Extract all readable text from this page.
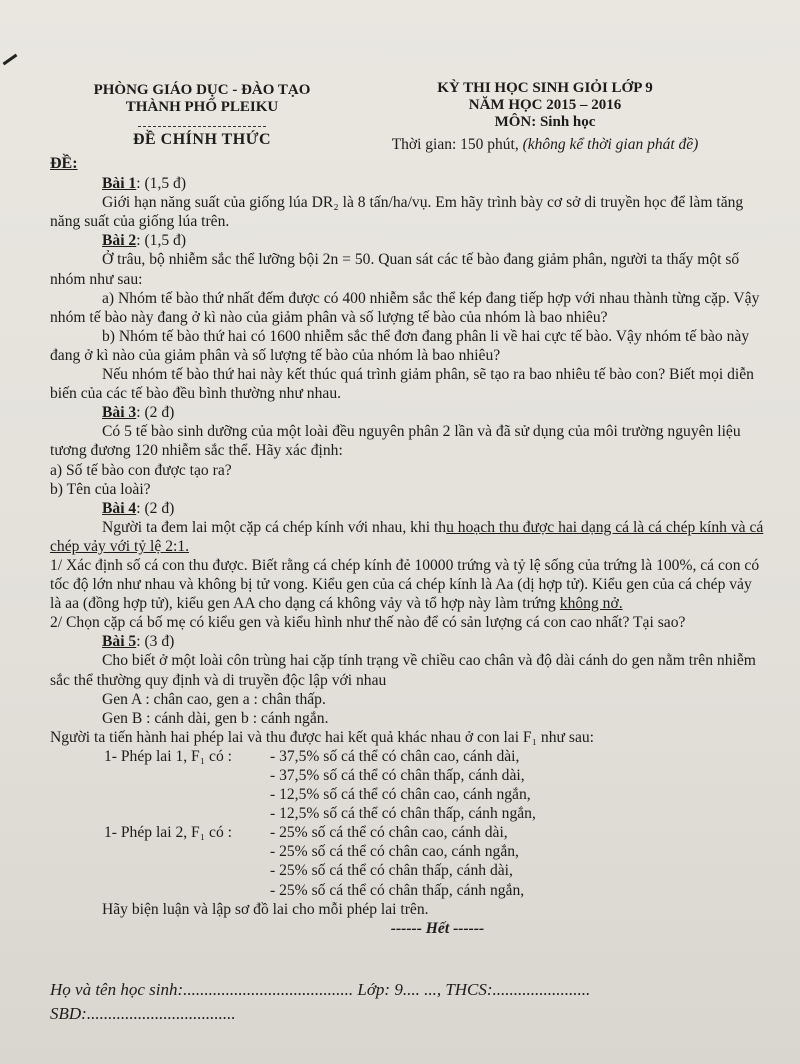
PHÒNG GIÁO DỤC - ĐÀO TẠO
THÀNH PHỐ PLEIKU
ĐỀ CHÍNH THỨC
KỲ THI HỌC SINH GIỎI LỚP 9
NĂM HỌC 2015 – 2016
MÔN: Sinh học
Thời gian: 150 phút, (không kể thời gian phát đề)

ĐỀ:

Bài 1: (1,5 đ)

Giới hạn năng suất của giống lúa DR₂ là 8 tấn/ha/vụ. Em hãy trình bày cơ sở di truyền học để làm tăng năng suất của giống lúa trên.

Bài 2: (1,5 đ)

Ở trâu, bộ nhiễm sắc thể lưỡng bội 2n = 50. Quan sát các tế bào đang giảm phân, người ta thấy một số nhóm như sau:

a) Nhóm tế bào thứ nhất đếm được có 400 nhiễm sắc thể kép đang tiếp hợp với nhau thành từng cặp. Vậy nhóm tế bào này đang ở kì nào của giảm phân và số lượng tế bào của nhóm là bao nhiêu?

b) Nhóm tế bào thứ hai có 1600 nhiễm sắc thể đơn đang phân li về hai cực tế bào. Vậy nhóm tế bào này đang ở kì nào của giảm phân và số lượng tế bào của nhóm là bao nhiêu?

Nếu nhóm tế bào thứ hai này kết thúc quá trình giảm phân, sẽ tạo ra bao nhiêu tế bào con? Biết mọi diễn biến của các tế bào đều bình thường như nhau.

Bài 3: (2 đ)

Có 5 tế bào sinh dưỡng của một loài đều nguyên phân 2 lần và đã sử dụng của môi trường nguyên liệu tương đương 120 nhiễm sắc thể. Hãy xác định:

a) Số tế bào con được tạo ra?

b) Tên của loài?

Bài 4: (2 đ)

Người ta đem lai một cặp cá chép kính với nhau, khi thu hoạch thu được hai dạng cá là cá chép kính và cá chép vảy với tỷ lệ 2:1.

1/ Xác định số cá con thu được. Biết rằng cá chép kính đẻ 10000 trứng và tỷ lệ sống của trứng là 100%, cá con có tốc độ lớn như nhau và không bị tử vong. Kiểu gen của cá chép kính là Aa (dị hợp tử). Kiểu gen của cá chép vảy là aa (đồng hợp tử), kiểu gen AA cho dạng cá không vảy và tổ hợp này làm trứng không nở.

2/ Chọn cặp cá bố mẹ có kiểu gen và kiểu hình như thế nào để có sản lượng cá con cao nhất? Tại sao?

Bài 5: (3 đ)

Cho biết ở một loài côn trùng hai cặp tính trạng về chiều cao chân và độ dài cánh do gen nằm trên nhiễm sắc thể thường quy định và di truyền độc lập với nhau

Gen A : chân cao, gen a : chân thấp.

Gen B : cánh dài, gen b : cánh ngắn.

Người ta tiến hành hai phép lai và thu được hai kết quả khác nhau ở con lai F₁ như sau:

1- Phép lai 1, F₁ có :	- 37,5% số cá thể có chân cao, cánh dài,
- 37,5% số cá thể có chân thấp, cánh dài,
- 12,5% số cá thể có chân cao, cánh ngắn,
- 12,5% số cá thể có chân thấp, cánh ngắn,
1- Phép lai 2, F₁ có :	- 25% số cá thể có chân cao, cánh dài,
- 25% số cá thể có chân cao, cánh ngắn,
- 25% số cá thể có chân thấp, cánh dài,
- 25% số cá thể có chân thấp, cánh ngắn,

Hãy biện luận và lập sơ đồ lai cho mỗi phép lai trên.

------ Hết ------

Họ và tên học sinh:........................................ Lớp: 9.... ..., THCS:.......................
SBD:...................................
